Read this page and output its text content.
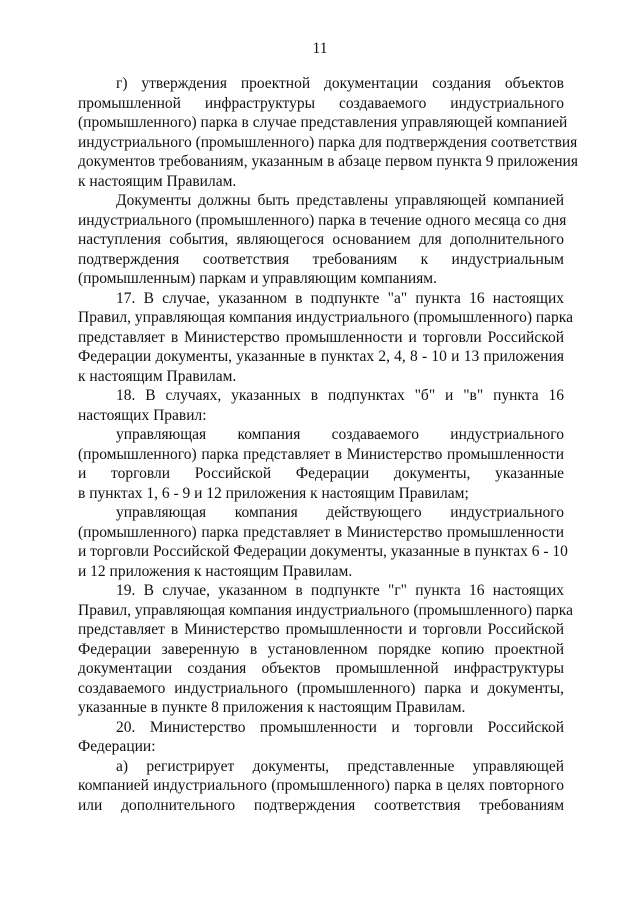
11
г) утверждения проектной документации создания объектов
промышленной инфраструктуры создаваемого индустриального
(промышленного) парка в случае представления управляющей компанией
индустриального (промышленного) парка для подтверждения соответствия
документов требованиям, указанным в абзаце первом пункта 9 приложения
к настоящим Правилам.
Документы должны быть представлены управляющей компанией
индустриального (промышленного) парка в течение одного месяца со дня
наступления события, являющегося основанием для дополнительного
подтверждения соответствия требованиям к индустриальным
(промышленным) паркам и управляющим компаниям.
17. В случае, указанном в подпункте "а" пункта 16 настоящих
Правил, управляющая компания индустриального (промышленного) парка
представляет в Министерство промышленности и торговли Российской
Федерации документы, указанные в пунктах 2, 4, 8 - 10 и 13 приложения
к настоящим Правилам.
18. В случаях, указанных в подпунктах "б" и "в" пункта 16
настоящих Правил:
управляющая компания создаваемого индустриального
(промышленного) парка представляет в Министерство промышленности
и торговли Российской Федерации документы, указанные
в пунктах 1, 6 - 9 и 12 приложения к настоящим Правилам;
управляющая компания действующего индустриального
(промышленного) парка представляет в Министерство промышленности
и торговли Российской Федерации документы, указанные в пунктах 6 - 10
и 12 приложения к настоящим Правилам.
19. В случае, указанном в подпункте "г" пункта 16 настоящих
Правил, управляющая компания индустриального (промышленного) парка
представляет в Министерство промышленности и торговли Российской
Федерации заверенную в установленном порядке копию проектной
документации создания объектов промышленной инфраструктуры
создаваемого индустриального (промышленного) парка и документы,
указанные в пункте 8 приложения к настоящим Правилам.
20. Министерство промышленности и торговли Российской
Федерации:
а) регистрирует документы, представленные управляющей
компанией индустриального (промышленного) парка в целях повторного
или дополнительного подтверждения соответствия требованиям
